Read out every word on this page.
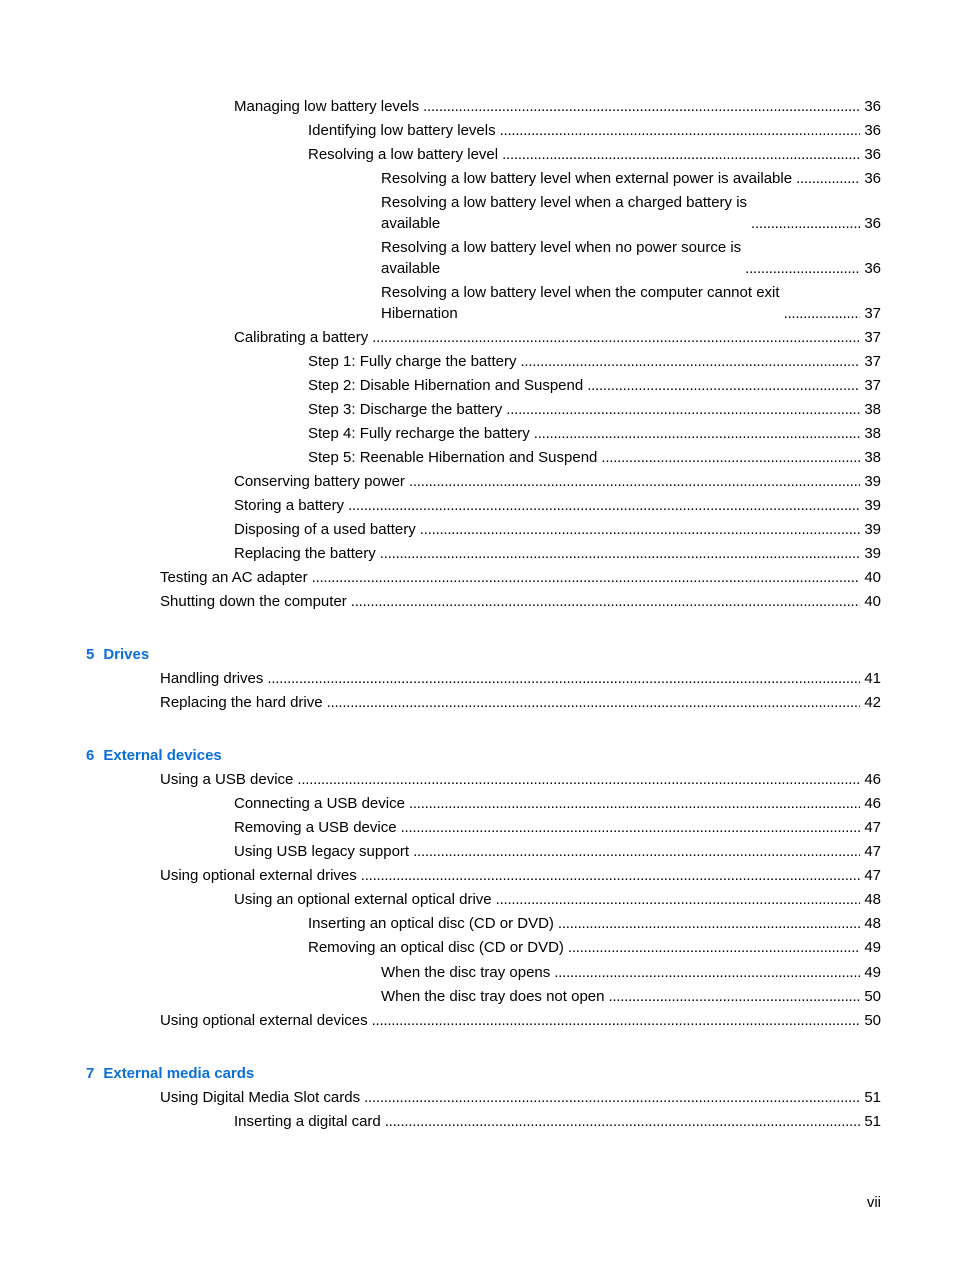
Managing low battery levels . . .	36
Identifying low battery levels . . .	36
Resolving a low battery level . . .	36
Resolving a low battery level when external power is available . . .	36
Resolving a low battery level when a charged battery is
available . . .	36
Resolving a low battery level when no power source is
available . . .	36
Resolving a low battery level when the computer cannot exit
Hibernation . . .	37
Calibrating a battery . . .	37
Step 1: Fully charge the battery . . .	37
Step 2: Disable Hibernation and Suspend . . .	37
Step 3: Discharge the battery . . .	38
Step 4: Fully recharge the battery . . .	38
Step 5: Reenable Hibernation and Suspend . . .	38
Conserving battery power . . .	39
Storing a battery . . .	39
Disposing of a used battery . . .	39
Replacing the battery . . .	39
Testing an AC adapter . . .	40
Shutting down the computer . . .	40
5 Drives
Handling drives . . .	41
Replacing the hard drive . . .	42
6 External devices
Using a USB device . . .	46
Connecting a USB device . . .	46
Removing a USB device . . .	47
Using USB legacy support . . .	47
Using optional external drives . . .	47
Using an optional external optical drive . . .	48
Inserting an optical disc (CD or DVD) . . .	48
Removing an optical disc (CD or DVD) . . .	49
When the disc tray opens . . .	49
When the disc tray does not open . . .	50
Using optional external devices . . .	50
7 External media cards
Using Digital Media Slot cards . . .	51
Inserting a digital card . . .	51
vii
